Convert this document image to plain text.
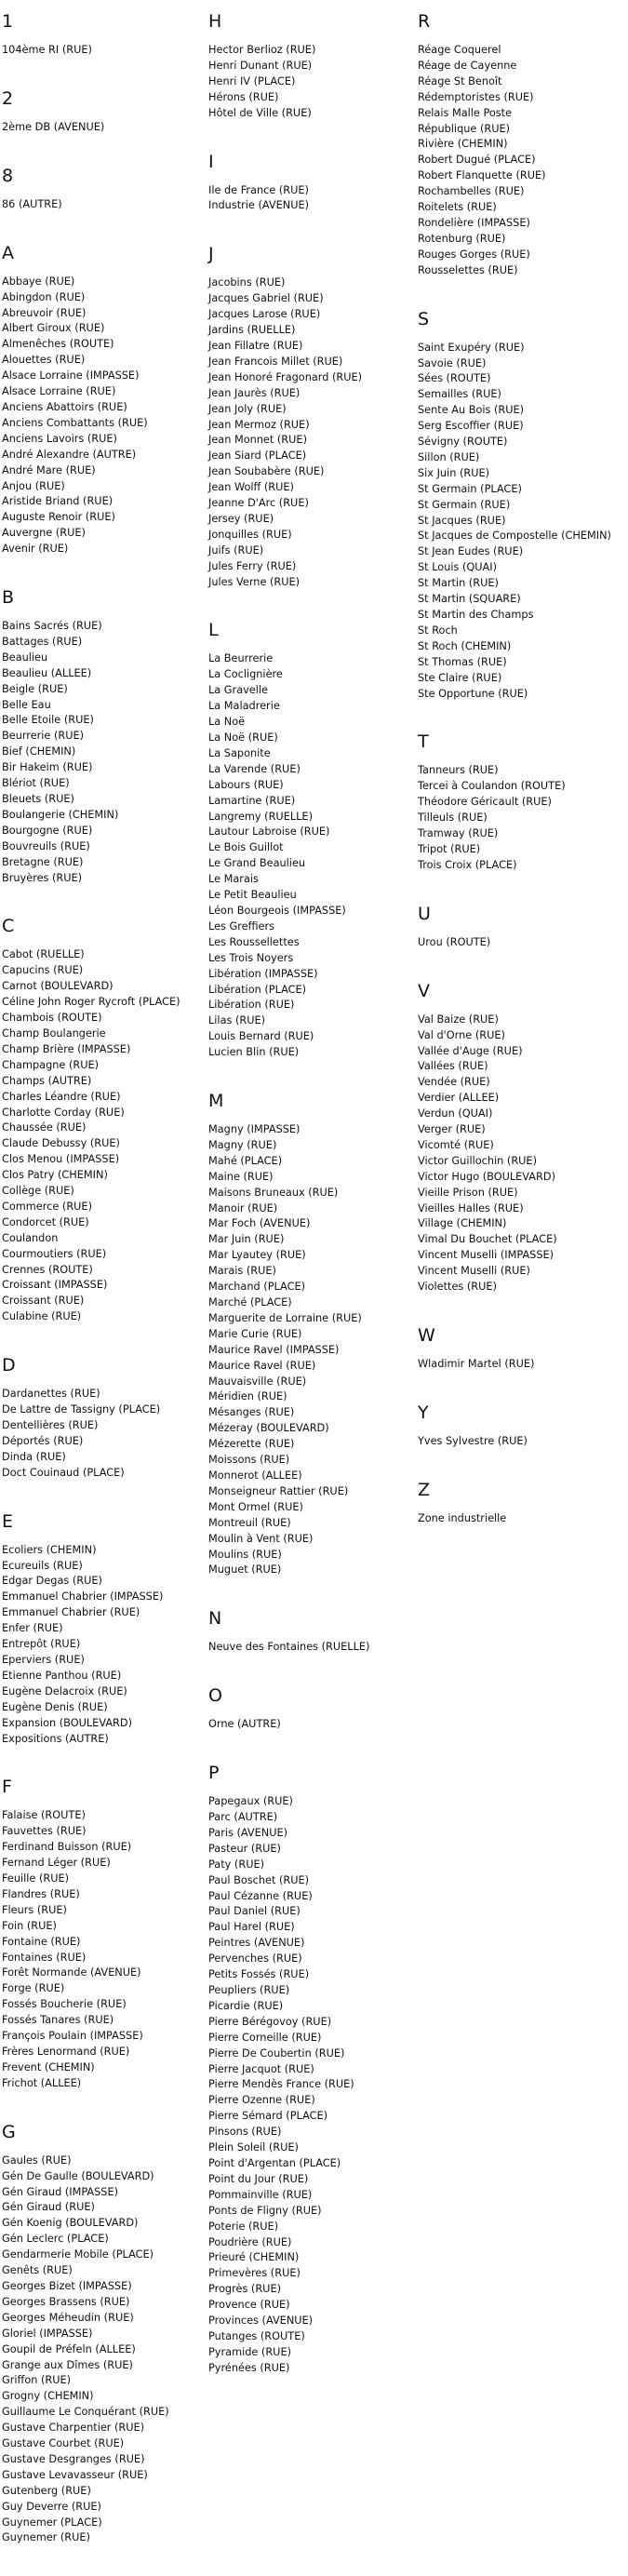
1
104ème RI (RUE)
2
2ème DB (AVENUE)
8
86 (AUTRE)
A
Abbaye (RUE)
Abingdon (RUE)
Abreuvoir (RUE)
Albert Giroux (RUE)
Almenêches (ROUTE)
Alouettes (RUE)
Alsace Lorraine (IMPASSE)
Alsace Lorraine (RUE)
Anciens Abattoirs (RUE)
Anciens Combattants (RUE)
Anciens Lavoirs (RUE)
André Alexandre (AUTRE)
André Mare (RUE)
Anjou (RUE)
Aristide Briand (RUE)
Auguste Renoir (RUE)
Auvergne (RUE)
Avenir (RUE)
B
Bains Sacrés (RUE)
Battages (RUE)
Beaulieu
Beaulieu (ALLEE)
Beigle (RUE)
Belle Eau
Belle Etoile (RUE)
Beurrerie (RUE)
Bief (CHEMIN)
Bir Hakeim (RUE)
Blériot (RUE)
Bleuets (RUE)
Boulangerie (CHEMIN)
Bourgogne (RUE)
Bouvreuils (RUE)
Bretagne (RUE)
Bruyères (RUE)
C
Cabot (RUELLE)
Capucins (RUE)
Carnot (BOULEVARD)
Céline John Roger Rycroft (PLACE)
Chambois (ROUTE)
Champ Boulangerie
Champ Brière (IMPASSE)
Champagne (RUE)
Champs (AUTRE)
Charles Léandre (RUE)
Charlotte Corday (RUE)
Chaussée (RUE)
Claude Debussy (RUE)
Clos Menou (IMPASSE)
Clos Patry (CHEMIN)
Collège (RUE)
Commerce (RUE)
Condorcet (RUE)
Coulandon
Courmoutiers (RUE)
Crennes (ROUTE)
Croissant (IMPASSE)
Croissant (RUE)
Culabine (RUE)
D
Dardanettes (RUE)
De Lattre de Tassigny (PLACE)
Dentellières (RUE)
Déportés (RUE)
Dinda (RUE)
Doct Couinaud (PLACE)
E
Ecoliers (CHEMIN)
Ecureuils (RUE)
Edgar Degas (RUE)
Emmanuel Chabrier (IMPASSE)
Emmanuel Chabrier (RUE)
Enfer (RUE)
Entrepôt (RUE)
Eperviers (RUE)
Etienne Panthou (RUE)
Eugène Delacroix (RUE)
Eugène Denis (RUE)
Expansion (BOULEVARD)
Expositions (AUTRE)
F
Falaise (ROUTE)
Fauvettes (RUE)
Ferdinand Buisson (RUE)
Fernand Léger (RUE)
Feuille (RUE)
Flandres (RUE)
Fleurs (RUE)
Foin (RUE)
Fontaine (RUE)
Fontaines (RUE)
Forêt Normande (AVENUE)
Forge (RUE)
Fossés Boucherie (RUE)
Fossés Tanares (RUE)
François Poulain (IMPASSE)
Frères Lenormand (RUE)
Frevent (CHEMIN)
Frichot (ALLEE)
G
Gaules (RUE)
Gén De Gaulle (BOULEVARD)
Gén Giraud (IMPASSE)
Gén Giraud (RUE)
Gén Koenig (BOULEVARD)
Gén Leclerc (PLACE)
Gendarmerie Mobile (PLACE)
Genêts (RUE)
Georges Bizet (IMPASSE)
Georges Brassens (RUE)
Georges Méheudin (RUE)
Gloriel (IMPASSE)
Goupil de Préfeln (ALLEE)
Grange aux Dîmes (RUE)
Griffon (RUE)
Grogny (CHEMIN)
Guillaume Le Conquérant (RUE)
Gustave Charpentier (RUE)
Gustave Courbet (RUE)
Gustave Desgranges (RUE)
Gustave Levavasseur (RUE)
Gutenberg (RUE)
Guy Deverre (RUE)
Guynemer (PLACE)
Guynemer (RUE)
H
Hector Berlioz (RUE)
Henri Dunant (RUE)
Henri IV (PLACE)
Hérons (RUE)
Hôtel de Ville (RUE)
I
Ile de France (RUE)
Industrie (AVENUE)
J
Jacobins (RUE)
Jacques Gabriel (RUE)
Jacques Larose (RUE)
Jardins (RUELLE)
Jean Fillatre (RUE)
Jean Francois Millet (RUE)
Jean Honoré Fragonard (RUE)
Jean Jaurès (RUE)
Jean Joly (RUE)
Jean Mermoz (RUE)
Jean Monnet (RUE)
Jean Siard (PLACE)
Jean Soubabère (RUE)
Jean Wolff (RUE)
Jeanne D'Arc (RUE)
Jersey (RUE)
Jonquilles (RUE)
Juifs (RUE)
Jules Ferry (RUE)
Jules Verne (RUE)
L
La Beurrerie
La Coclignière
La Gravelle
La Maladrerie
La Noë
La Noë (RUE)
La Saponite
La Varende (RUE)
Labours (RUE)
Lamartine (RUE)
Langremy (RUELLE)
Lautour Labroise (RUE)
Le Bois Guillot
Le Grand Beaulieu
Le Marais
Le Petit Beaulieu
Léon Bourgeois (IMPASSE)
Les Greffiers
Les Roussellettes
Les Trois Noyers
Libération (IMPASSE)
Libération (PLACE)
Libération (RUE)
Lilas (RUE)
Louis Bernard (RUE)
Lucien Blin (RUE)
M
Magny (IMPASSE)
Magny (RUE)
Mahé (PLACE)
Maine (RUE)
Maisons Bruneaux (RUE)
Manoir (RUE)
Mar Foch (AVENUE)
Mar Juin (RUE)
Mar Lyautey (RUE)
Marais (RUE)
Marchand (PLACE)
Marché (PLACE)
Marguerite de Lorraine (RUE)
Marie Curie (RUE)
Maurice Ravel (IMPASSE)
Maurice Ravel (RUE)
Mauvaisville (RUE)
Méridien (RUE)
Mésanges (RUE)
Mézeray (BOULEVARD)
Mézerette (RUE)
Moissons (RUE)
Monnerot (ALLEE)
Monseigneur Rattier (RUE)
Mont Ormel (RUE)
Montreuil (RUE)
Moulin à Vent (RUE)
Moulins (RUE)
Muguet (RUE)
N
Neuve des Fontaines (RUELLE)
O
Orne (AUTRE)
P
Papegaux (RUE)
Parc (AUTRE)
Paris (AVENUE)
Pasteur (RUE)
Paty (RUE)
Paul Boschet (RUE)
Paul Cézanne (RUE)
Paul Daniel (RUE)
Paul Harel (RUE)
Peintres (AVENUE)
Pervenches (RUE)
Petits Fossés (RUE)
Peupliers (RUE)
Picardie (RUE)
Pierre Bérégovoy (RUE)
Pierre Corneille (RUE)
Pierre De Coubertin (RUE)
Pierre Jacquot (RUE)
Pierre Mendès France (RUE)
Pierre Ozenne (RUE)
Pierre Sémard (PLACE)
Pinsons (RUE)
Plein Soleil (RUE)
Point d'Argentan (PLACE)
Point du Jour (RUE)
Pommainville (RUE)
Ponts de Fligny (RUE)
Poterie (RUE)
Poudrière (RUE)
Prieuré (CHEMIN)
Primevères (RUE)
Progrès (RUE)
Provence (RUE)
Provinces (AVENUE)
Putanges (ROUTE)
Pyramide (RUE)
Pyrénées (RUE)
R
Réage Coquerel
Réage de Cayenne
Réage St Benoît
Rédemptoristes (RUE)
Relais Malle Poste
République (RUE)
Rivière (CHEMIN)
Robert Dugué (PLACE)
Robert Flanquette (RUE)
Rochambelles (RUE)
Roitelets (RUE)
Rondelière (IMPASSE)
Rotenburg (RUE)
Rouges Gorges (RUE)
Rousselettes (RUE)
S
Saint Exupéry (RUE)
Savoie (RUE)
Sées (ROUTE)
Semailles (RUE)
Sente Au Bois (RUE)
Serg Escoffier (RUE)
Sévigny (ROUTE)
Sillon (RUE)
Six Juin (RUE)
St Germain (PLACE)
St Germain (RUE)
St Jacques (RUE)
St Jacques de Compostelle (CHEMIN)
St Jean Eudes (RUE)
St Louis (QUAI)
St Martin (RUE)
St Martin (SQUARE)
St Martin des Champs
St Roch
St Roch (CHEMIN)
St Thomas (RUE)
Ste Claire (RUE)
Ste Opportune (RUE)
T
Tanneurs (RUE)
Tercei à Coulandon (ROUTE)
Théodore Géricault (RUE)
Tilleuls (RUE)
Tramway (RUE)
Tripot (RUE)
Trois Croix (PLACE)
U
Urou (ROUTE)
V
Val Baize (RUE)
Val d'Orne (RUE)
Vallée d'Auge (RUE)
Vallées (RUE)
Vendée (RUE)
Verdier (ALLEE)
Verdun (QUAI)
Verger (RUE)
Vicomté (RUE)
Victor Guillochin (RUE)
Victor Hugo (BOULEVARD)
Vieille Prison (RUE)
Vieilles Halles (RUE)
Village (CHEMIN)
Vimal Du Bouchet (PLACE)
Vincent Muselli (IMPASSE)
Vincent Muselli (RUE)
Violettes (RUE)
W
Wladimir Martel (RUE)
Y
Yves Sylvestre (RUE)
Z
Zone industrielle
